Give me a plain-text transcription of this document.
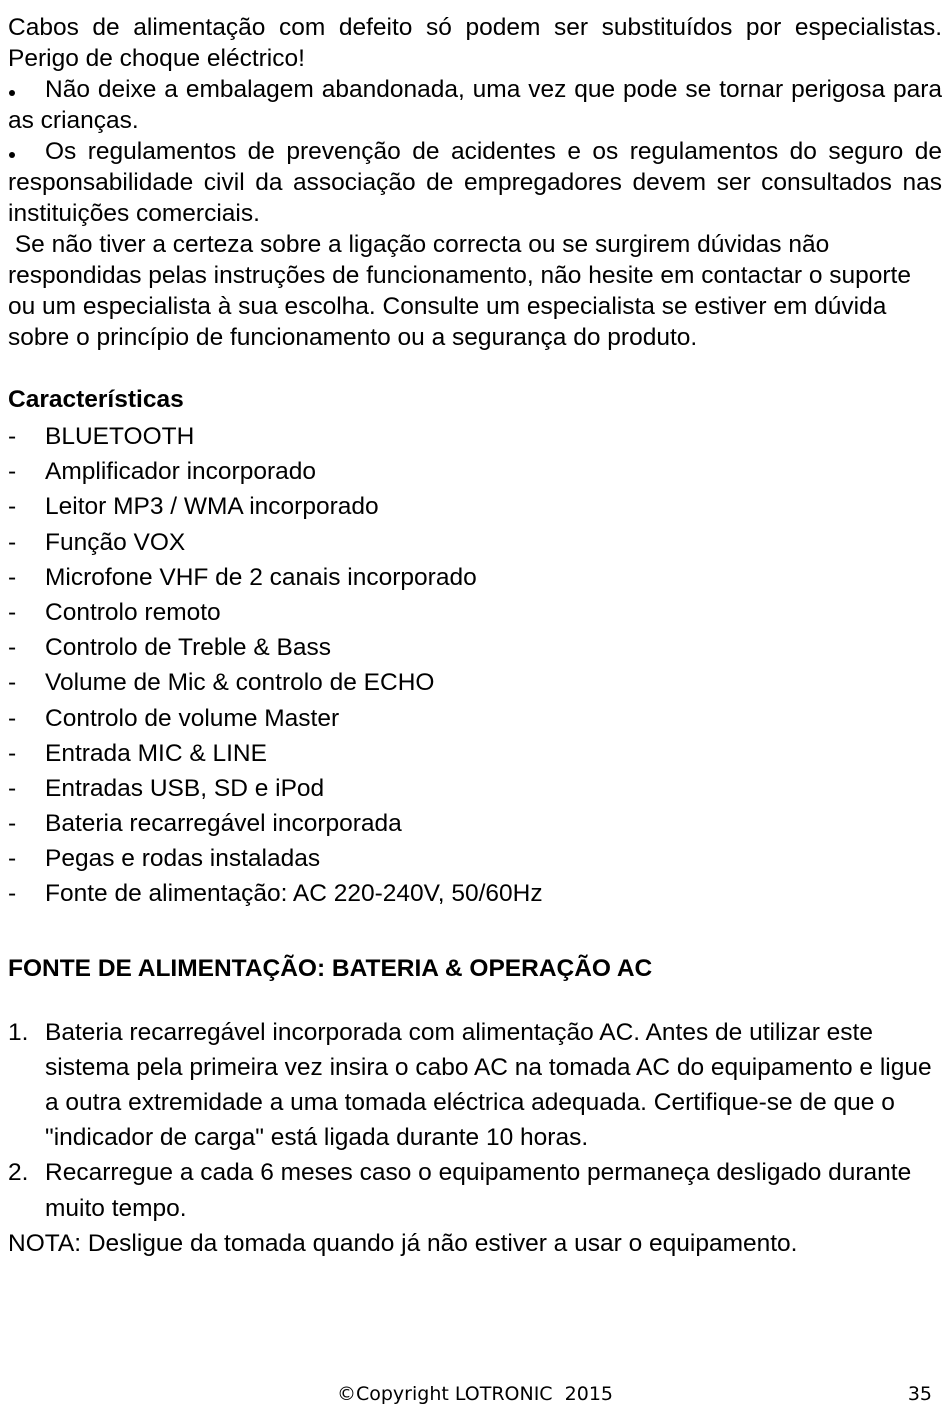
Cabos de alimentação com defeito só podem ser substituídos por especialistas. Perigo de choque eléctrico!

Não deixe a embalagem abandonada, uma vez que pode se tornar perigosa para as crianças.

Os regulamentos de prevenção de acidentes e os regulamentos do seguro de responsabilidade civil da associação de empregadores devem ser consultados nas instituições comerciais.

Se não tiver a certeza sobre a ligação correcta ou se surgirem dúvidas não respondidas pelas instruções de funcionamento, não hesite em contactar o suporte ou um especialista à sua escolha. Consulte um especialista se estiver em dúvida sobre o princípio de funcionamento ou a segurança do produto.

Características

- BLUETOOTH
- Amplificador incorporado
- Leitor MP3 / WMA incorporado
- Função VOX
- Microfone VHF de 2 canais incorporado
- Controlo remoto
- Controlo de Treble & Bass
- Volume de Mic & controlo de ECHO
- Controlo de volume Master
- Entrada MIC & LINE
- Entradas USB, SD e iPod
- Bateria recarregável incorporada
- Pegas e rodas instaladas
- Fonte de alimentação: AC 220-240V, 50/60Hz

FONTE DE ALIMENTAÇÃO: BATERIA & OPERAÇÃO AC

1. Bateria recarregável incorporada com alimentação AC. Antes de utilizar este sistema pela primeira vez insira o cabo AC na tomada AC do equipamento e ligue a outra extremidade a uma tomada eléctrica adequada. Certifique-se de que o "indicador de carga" está ligada durante 10 horas.
2. Recarregue a cada 6 meses caso o equipamento permaneça desligado durante muito tempo.

NOTA: Desligue da tomada quando já não estiver a usar o equipamento.

©Copyright LOTRONIC  2015	35
